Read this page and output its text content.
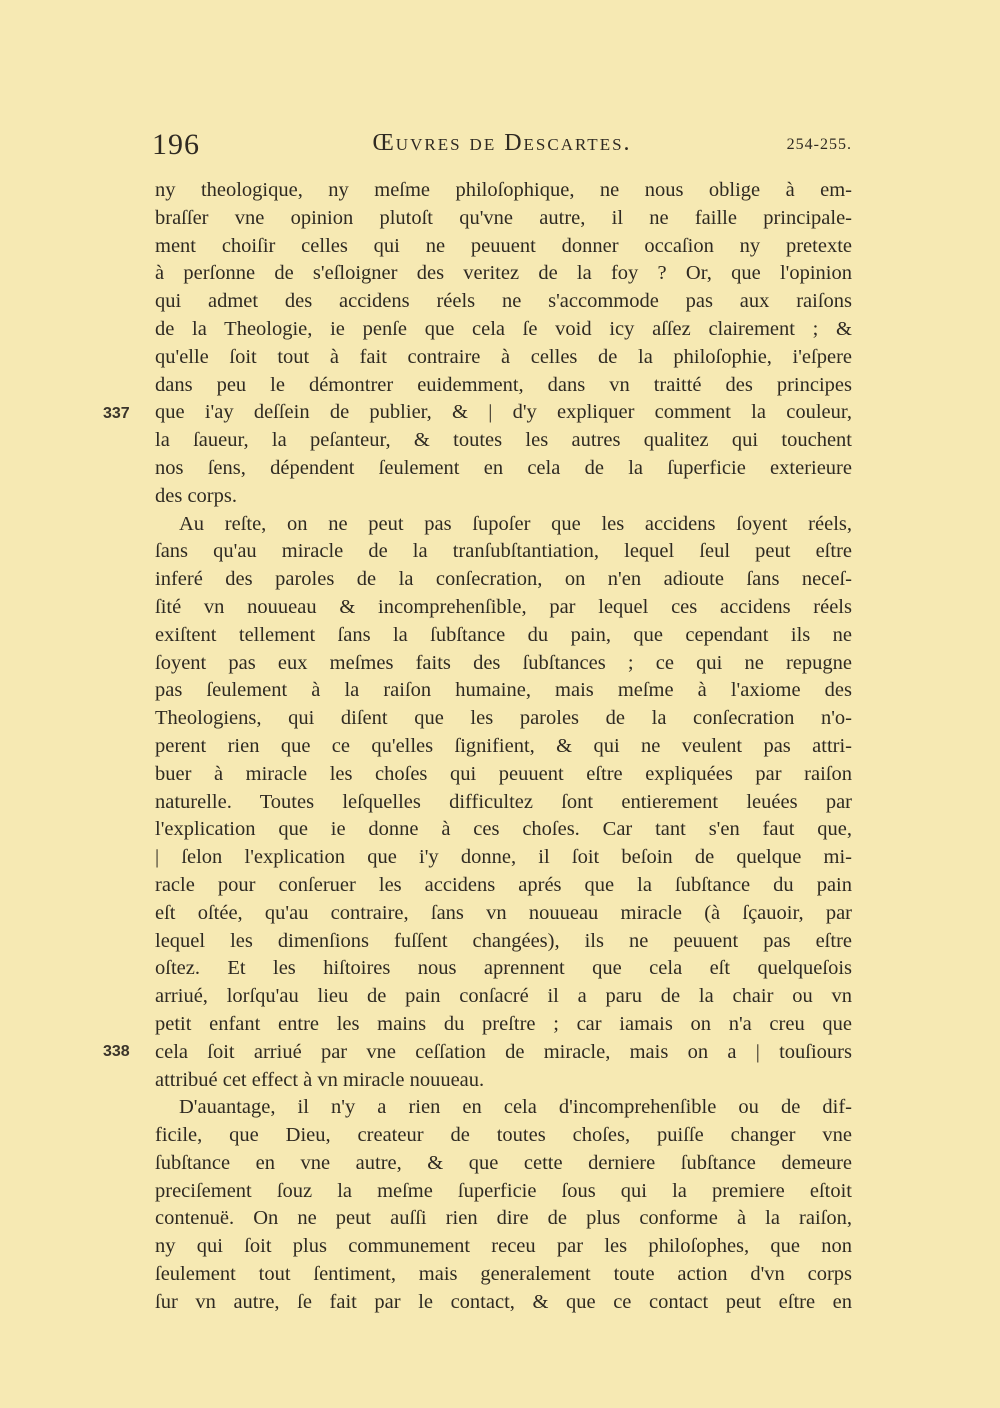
196	Œuvres de Descartes.	254-255.
337
338
ny theologique, ny meſme philoſophique, ne nous oblige à em-
braſſer vne opinion plutoſt qu'vne autre, il ne faille principale-
ment choiſir celles qui ne peuuent donner occaſion ny pretexte
à perſonne de s'eſloigner des veritez de la foy ? Or, que l'opinion
qui admet des accidens réels ne s'accommode pas aux raiſons
de la Theologie, ie penſe que cela ſe void icy aſſez clairement ; &
qu'elle ſoit tout à fait contraire à celles de la philoſophie, i'eſpere
dans peu le démontrer euidemment, dans vn traitté des principes
que i'ay deſſein de publier, & | d'y expliquer comment la couleur,
la ſaueur, la peſanteur, & toutes les autres qualitez qui touchent
nos ſens, dépendent ſeulement en cela de la ſuperficie exterieure
des corps.
Au reſte, on ne peut pas ſupoſer que les accidens ſoyent réels,
ſans qu'au miracle de la tranſubſtantiation, lequel ſeul peut eſtre
inferé des paroles de la conſecration, on n'en adioute ſans neceſ-
ſité vn nouueau & incomprehenſible, par lequel ces accidens réels
exiſtent tellement ſans la ſubſtance du pain, que cependant ils ne
ſoyent pas eux meſmes faits des ſubſtances ; ce qui ne repugne
pas ſeulement à la raiſon humaine, mais meſme à l'axiome des
Theologiens, qui diſent que les paroles de la conſecration n'o-
perent rien que ce qu'elles ſignifient, & qui ne veulent pas attri-
buer à miracle les choſes qui peuuent eſtre expliquées par raiſon
naturelle. Toutes leſquelles difficultez ſont entierement leuées par
l'explication que ie donne à ces choſes. Car tant s'en faut que,
| ſelon l'explication que i'y donne, il ſoit beſoin de quelque mi-
racle pour conſeruer les accidens aprés que la ſubſtance du pain
eſt oſtée, qu'au contraire, ſans vn nouueau miracle (à ſçauoir, par
lequel les dimenſions fuſſent changées), ils ne peuuent pas eſtre
oſtez. Et les hiſtoires nous aprennent que cela eſt quelqueſois
arriué, lorſqu'au lieu de pain conſacré il a paru de la chair ou vn
petit enfant entre les mains du preſtre ; car iamais on n'a creu que
cela ſoit arriué par vne ceſſation de miracle, mais on a | touſiours
attribué cet effect à vn miracle nouueau.
D'auantage, il n'y a rien en cela d'incomprehenſible ou de dif-
ficile, que Dieu, createur de toutes choſes, puiſſe changer vne
ſubſtance en vne autre, & que cette derniere ſubſtance demeure
preciſement ſouz la meſme ſuperficie ſous qui la premiere eſtoit
contenuë. On ne peut auſſi rien dire de plus conforme à la raiſon,
ny qui ſoit plus communement receu par les philoſophes, que non
ſeulement tout ſentiment, mais generalement toute action d'vn corps
ſur vn autre, ſe fait par le contact, & que ce contact peut eſtre en
